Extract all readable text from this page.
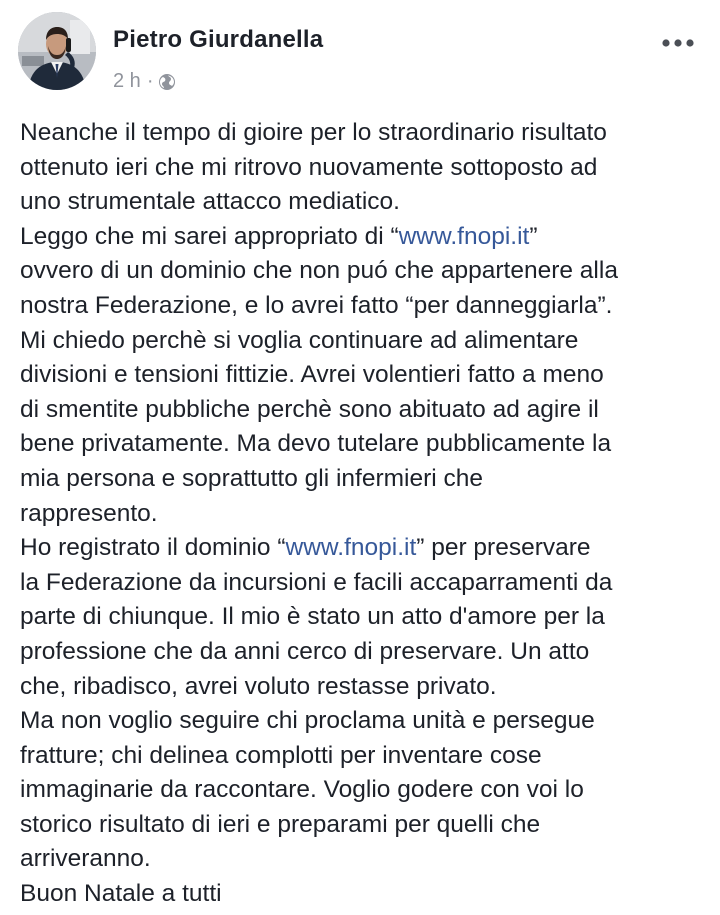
Pietro Giurdanella
2 h ·
Neanche il tempo di gioire per lo straordinario risultato
ottenuto ieri che mi ritrovo nuovamente sottoposto ad
uno strumentale attacco mediatico.
Leggo che mi sarei appropriato di “www.fnopi.it”
ovvero di un dominio che non puó che appartenere alla
nostra Federazione, e lo avrei fatto “per danneggiarla”.
Mi chiedo perchè si voglia continuare ad alimentare
divisioni e tensioni fittizie. Avrei volentieri fatto a meno
di smentite pubbliche perchè sono abituato ad agire il
bene privatamente. Ma devo tutelare pubblicamente la
mia persona e soprattutto gli infermieri che
rappresento.
Ho registrato il dominio “www.fnopi.it” per preservare
la Federazione da incursioni e facili accaparramenti da
parte di chiunque. Il mio è stato un atto d'amore per la
professione che da anni cerco di preservare. Un atto
che, ribadisco, avrei voluto restasse privato.
Ma non voglio seguire chi proclama unità e persegue
fratture; chi delinea complotti per inventare cose
immaginarie da raccontare. Voglio godere con voi lo
storico risultato di ieri e preparami per quelli che
arriveranno.
Buon Natale a tutti
